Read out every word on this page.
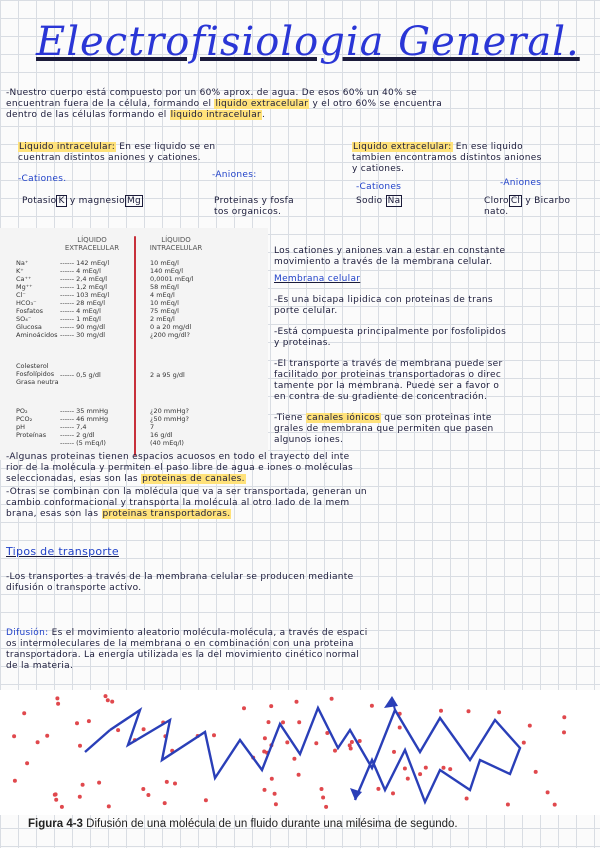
Electrofisiologia General.
-Nuestro cuerpo está compuesto por un 60% aprox. de agua. De esos 60% un 40% se
encuentran fuera de la célula, formando el liquido extracelular y el otro 60% se encuentra
dentro de las células formando el liquido intracelular.
Liquido intracelular: En ese liquido se en
cuentran distintos aniones y cationes.
-Cationes.
Potasio K y magnesio Mg
-Aniones:
Proteinas y fosfa
tos organicos.
Liquido extracelular: En ese liquido
tambien encontramos distintos aniones
y cationes.
-Cationes
Sodio Na
-Aniones
Cloro Cl y Bicarbo
nato.
LÍQUIDO
EXTRACELULAR
LÍQUIDO
INTRACELULAR
Na⁺	------ 142 mEq/l	10 mEq/l
K⁺	------ 4 mEq/l	140 mEq/l
Ca⁺⁺	------ 2,4 mEq/l	0,0001 mEq/l
Mg⁺⁺	------ 1,2 mEq/l	58 mEq/l
Cl⁻	------ 103 mEq/l	4 mEq/l
HCO₃⁻	------ 28 mEq/l	10 mEq/l
Fosfatos	------ 4 mEq/l	75 mEq/l
SO₄⁻	------ 1 mEq/l	2 mEq/l
Glucosa	------ 90 mg/dl	0 a 20 mg/dl
Aminoácidos ------ 30 mg/dl	¿200 mg/dl?
Colesterol
Fosfolípidos
Grasa neutra
------ 0,5 g/dl	2 a 95 g/dl
PO₂	------ 35 mmHg	¿20 mmHg?
PCO₂	------ 46 mmHg	¿50 mmHg?
pH	------ 7,4	7
Proteínas ------ 2 g/dl	16 g/dl
------ (5 mEq/l)	(40 mEq/l)
Los cationes y aniones van a estar en constante
movimiento a través de la membrana celular.
Membrana celular
-Es una bicapa lipidica con proteinas de trans
porte celular.
-Está compuesta principalmente por fosfolipidos
y proteinas.
-El transporte a través de membrana puede ser
facilitado por proteinas transportadoras o direc
tamente por la membrana. Puede ser a favor o
en contra de su gradiente de concentración.
-Tiene canales iónicos que son proteinas inte
grales de membrana que permiten que pasen
algunos iones.
-Algunas proteinas tienen espacios acuosos en todo el trayecto del inte
rior de la molécula y permiten el paso libre de agua e iones o moléculas
seleccionadas, esas son las proteinas de canales.
-Otras se combinan con la molécula que va a ser transportada, generan un
cambio conformacional y transporta la molécula al otro lado de la mem
brana, esas son las proteinas transportadoras.
Tipos de transporte
-Los transportes a través de la membrana celular se producen mediante
difusión o transporte activo.
Difusión: Es el movimiento aleatorio molécula-molécula, a través de espaci
os intermoleculares de la membrana o en combinación con una proteina
transportadora. La energía utilizada es la del movimiento cinético normal
de la materia.
Figura 4-3 Difusión de una molécula de un fluido durante una milésima de segundo.
